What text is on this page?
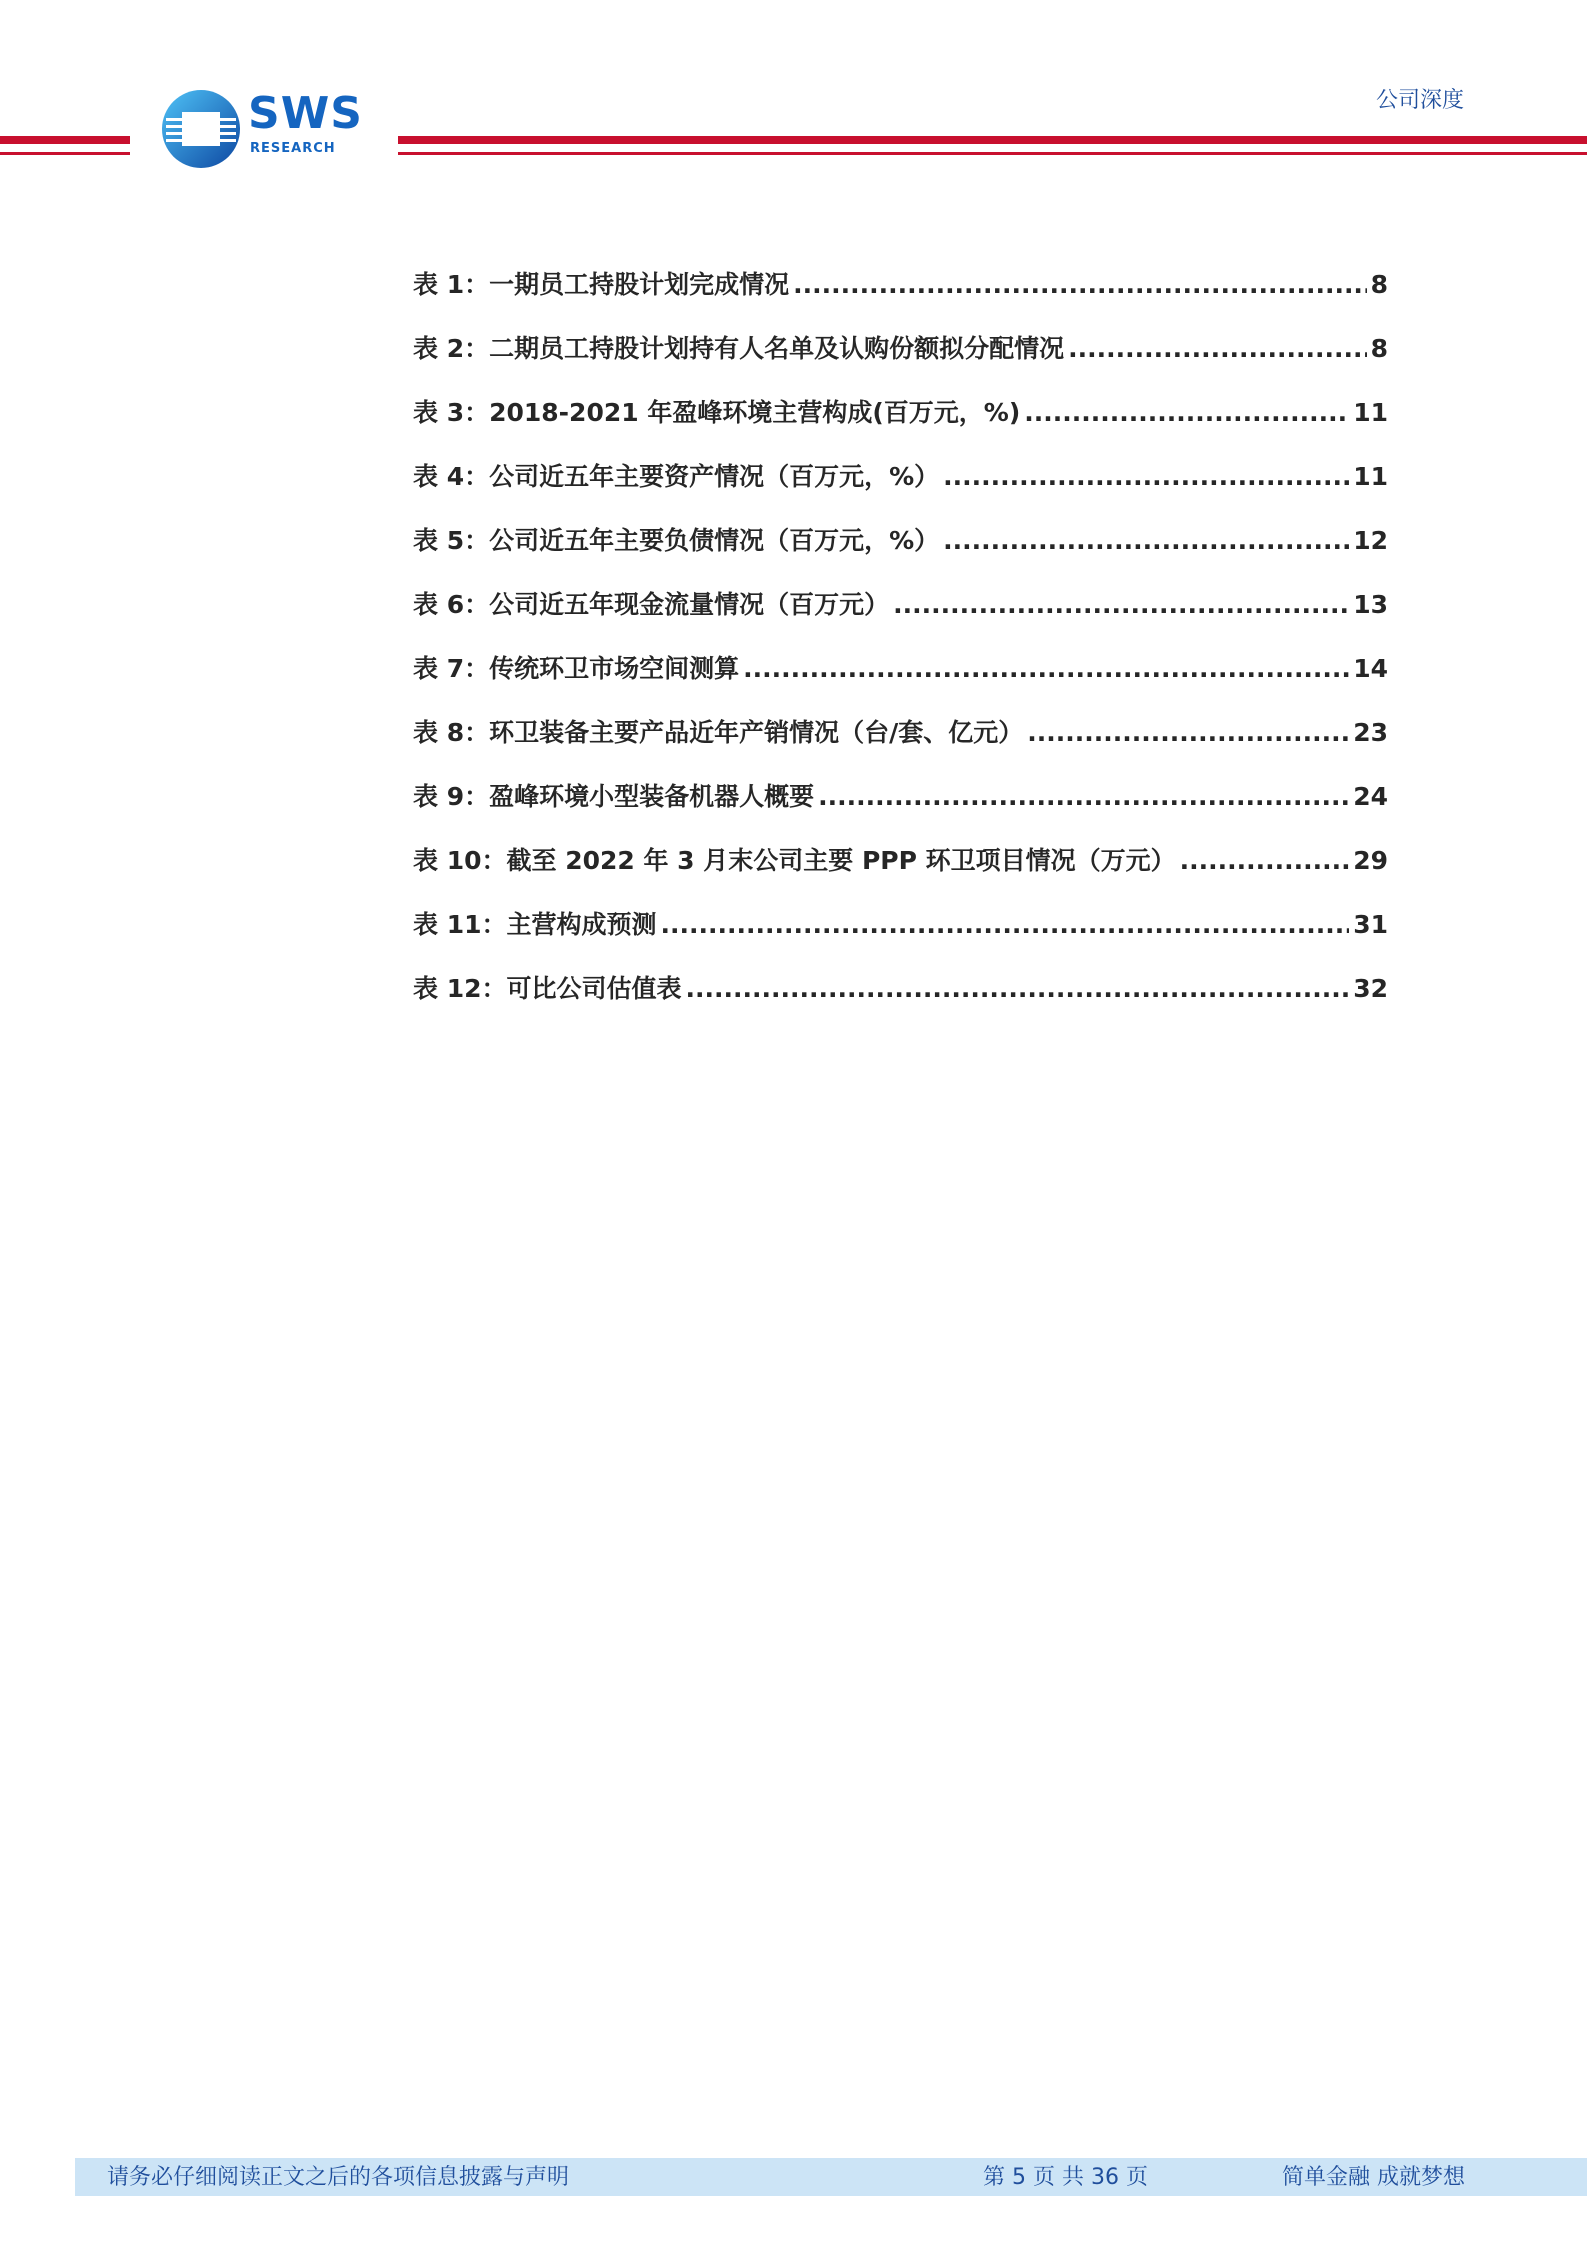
SWS
RESEARCH
公司深度
表 1：一期员工持股计划完成情况 .....	8
表 2：二期员工持股计划持有人名单及认购份额拟分配情况 .....	8
表 3：2018-2021 年盈峰环境主营构成(百万元，%) .....	11
表 4：公司近五年主要资产情况（百万元，%） .....	11
表 5：公司近五年主要负债情况（百万元，%） .....	12
表 6：公司近五年现金流量情况（百万元） .....	13
表 7：传统环卫市场空间测算 .....	14
表 8：环卫装备主要产品近年产销情况（台/套、亿元） .....	23
表 9：盈峰环境小型装备机器人概要 .....	24
表 10：截至 2022 年 3 月末公司主要 PPP 环卫项目情况（万元） .....	29
表 11：主营构成预测 .....	31
表 12：可比公司估值表 .....	32
请务必仔细阅读正文之后的各项信息披露与声明	第 5 页 共 36 页	简单金融 成就梦想
